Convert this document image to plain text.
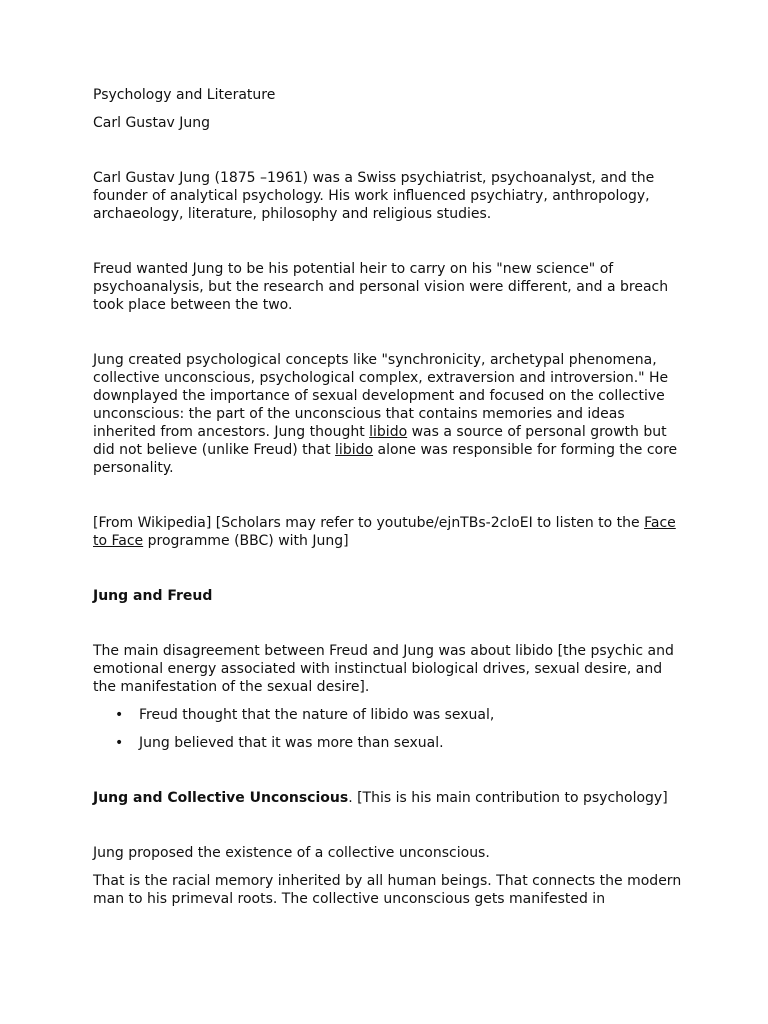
Psychology and Literature

Carl Gustav Jung

Carl Gustav Jung (1875 –1961) was a Swiss psychiatrist, psychoanalyst, and the founder of analytical psychology. His work influenced psychiatry, anthropology, archaeology, literature, philosophy and religious studies.

Freud wanted Jung to be his potential heir to carry on his "new science" of psychoanalysis, but the research and personal vision were different, and a breach took place between the two.

Jung created psychological concepts like "synchronicity, archetypal phenomena, collective unconscious, psychological complex, extraversion and introversion." He downplayed the importance of sexual development and focused on the collective unconscious: the part of the unconscious that contains memories and ideas inherited from ancestors. Jung thought libido was a source of personal growth but did not believe (unlike Freud) that libido alone was responsible for forming the core personality.

[From Wikipedia] [Scholars may refer to youtube/ejnTBs-2cloEI to listen to the Face to Face programme (BBC) with Jung]

Jung and Freud

The main disagreement between Freud and Jung was about libido [the psychic and emotional energy associated with instinctual biological drives, sexual desire, and the manifestation of the sexual desire].

• Freud thought that the nature of libido was sexual,
• Jung believed that it was more than sexual.

Jung and Collective Unconscious. [This is his main contribution to psychology]

Jung proposed the existence of a collective unconscious.

That is the racial memory inherited by all human beings. That connects the modern man to his primeval roots. The collective unconscious gets manifested in
